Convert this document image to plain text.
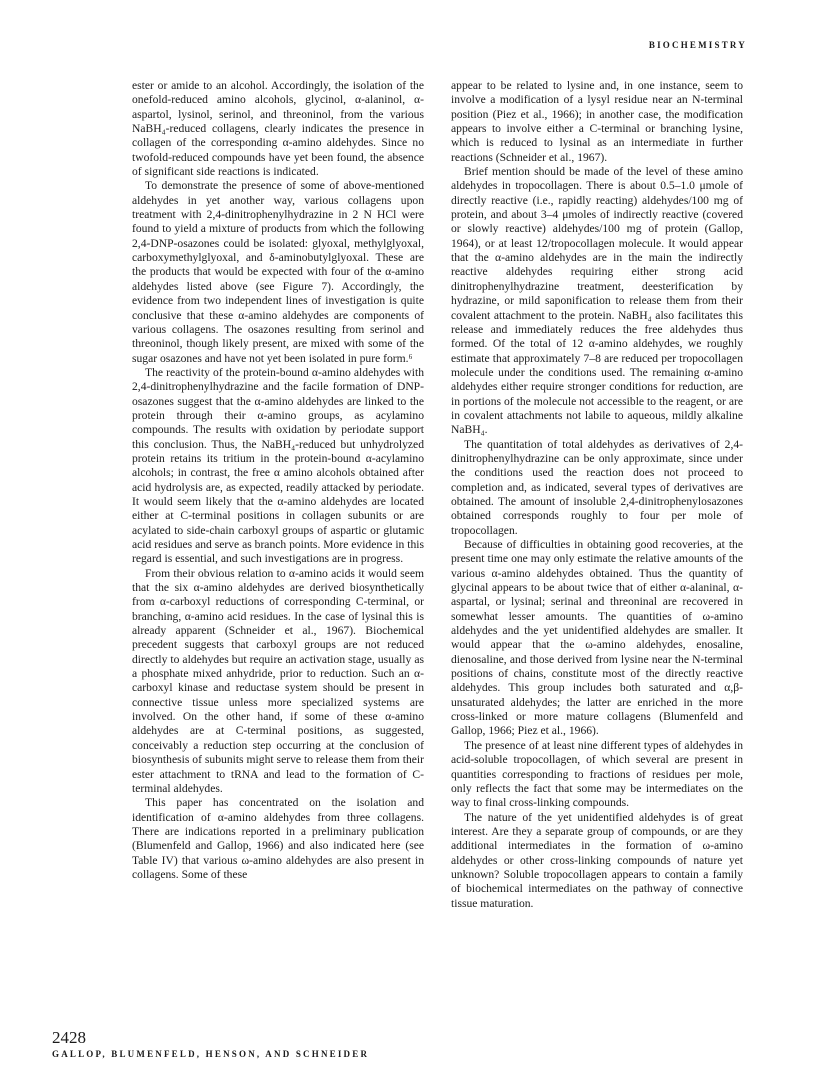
BIOCHEMISTRY

ester or amide to an alcohol. Accordingly, the isolation of the onefold-reduced amino alcohols, glycinol, α-alaninol, α-aspartol, lysinol, serinol, and threoninol, from the various NaBH₄-reduced collagens, clearly indicates the presence in collagen of the corresponding α-amino aldehydes. Since no twofold-reduced compounds have yet been found, the absence of significant side reactions is indicated.

To demonstrate the presence of some of above-mentioned aldehydes in yet another way, various collagens upon treatment with 2,4-dinitrophenylhydrazine in 2 N HCl were found to yield a mixture of products from which the following 2,4-DNP-osazones could be isolated: glyoxal, methylglyoxal, carboxymethylglyoxal, and δ-aminobutylglyoxal. These are the products that would be expected with four of the α-amino aldehydes listed above (see Figure 7). Accordingly, the evidence from two independent lines of investigation is quite conclusive that these α-amino aldehydes are components of various collagens. The osazones resulting from serinol and threoninol, though likely present, are mixed with some of the sugar osazones and have not yet been isolated in pure form.⁶

The reactivity of the protein-bound α-amino aldehydes with 2,4-dinitrophenylhydrazine and the facile formation of DNP-osazones suggest that the α-amino aldehydes are linked to the protein through their α-amino groups, as acylamino compounds. The results with oxidation by periodate support this conclusion. Thus, the NaBH₄-reduced but unhydrolyzed protein retains its tritium in the protein-bound α-acylamino alcohols; in contrast, the free α amino alcohols obtained after acid hydrolysis are, as expected, readily attacked by periodate. It would seem likely that the α-amino aldehydes are located either at C-terminal positions in collagen subunits or are acylated to side-chain carboxyl groups of aspartic or glutamic acid residues and serve as branch points. More evidence in this regard is essential, and such investigations are in progress.

From their obvious relation to α-amino acids it would seem that the six α-amino aldehydes are derived biosynthetically from α-carboxyl reductions of corresponding C-terminal, or branching, α-amino acid residues. In the case of lysinal this is already apparent (Schneider et al., 1967). Biochemical precedent suggests that carboxyl groups are not reduced directly to aldehydes but require an activation stage, usually as a phosphate mixed anhydride, prior to reduction. Such an α-carboxyl kinase and reductase system should be present in connective tissue unless more specialized systems are involved. On the other hand, if some of these α-amino aldehydes are at C-terminal positions, as suggested, conceivably a reduction step occurring at the conclusion of biosynthesis of subunits might serve to release them from their ester attachment to tRNA and lead to the formation of C-terminal aldehydes.

This paper has concentrated on the isolation and identification of α-amino aldehydes from three collagens. There are indications reported in a preliminary publication (Blumenfeld and Gallop, 1966) and also indicated here (see Table IV) that various ω-amino aldehydes are also present in collagens. Some of these

appear to be related to lysine and, in one instance, seem to involve a modification of a lysyl residue near an N-terminal position (Piez et al., 1966); in another case, the modification appears to involve either a C-terminal or branching lysine, which is reduced to lysinal as an intermediate in further reactions (Schneider et al., 1967).

Brief mention should be made of the level of these amino aldehydes in tropocollagen. There is about 0.5–1.0 μmole of directly reactive (i.e., rapidly reacting) aldehydes/100 mg of protein, and about 3–4 μmoles of indirectly reactive (covered or slowly reactive) aldehydes/100 mg of protein (Gallop, 1964), or at least 12/tropocollagen molecule. It would appear that the α-amino aldehydes are in the main the indirectly reactive aldehydes requiring either strong acid dinitrophenylhydrazine treatment, deesterification by hydrazine, or mild saponification to release them from their covalent attachment to the protein. NaBH₄ also facilitates this release and immediately reduces the free aldehydes thus formed. Of the total of 12 α-amino aldehydes, we roughly estimate that approximately 7–8 are reduced per tropocollagen molecule under the conditions used. The remaining α-amino aldehydes either require stronger conditions for reduction, are in portions of the molecule not accessible to the reagent, or are in covalent attachments not labile to aqueous, mildly alkaline NaBH₄.

The quantitation of total aldehydes as derivatives of 2,4-dinitrophenylhydrazine can be only approximate, since under the conditions used the reaction does not proceed to completion and, as indicated, several types of derivatives are obtained. The amount of insoluble 2,4-dinitrophenylosazones obtained corresponds roughly to four per mole of tropocollagen.

Because of difficulties in obtaining good recoveries, at the present time one may only estimate the relative amounts of the various α-amino aldehydes obtained. Thus the quantity of glycinal appears to be about twice that of either α-alaninal, α-aspartal, or lysinal; serinal and threoninal are recovered in somewhat lesser amounts. The quantities of ω-amino aldehydes and the yet unidentified aldehydes are smaller. It would appear that the ω-amino aldehydes, enosaline, dienosaline, and those derived from lysine near the N-terminal positions of chains, constitute most of the directly reactive aldehydes. This group includes both saturated and α,β-unsaturated aldehydes; the latter are enriched in the more cross-linked or more mature collagens (Blumenfeld and Gallop, 1966; Piez et al., 1966).

The presence of at least nine different types of aldehydes in acid-soluble tropocollagen, of which several are present in quantities corresponding to fractions of residues per mole, only reflects the fact that some may be intermediates on the way to final cross-linking compounds.

The nature of the yet unidentified aldehydes is of great interest. Are they a separate group of compounds, or are they additional intermediates in the formation of ω-amino aldehydes or other cross-linking compounds of nature yet unknown? Soluble tropocollagen appears to contain a family of biochemical intermediates on the pathway of connective tissue maturation.

2428
GALLOP, BLUMENFELD, HENSON, AND SCHNEIDER
